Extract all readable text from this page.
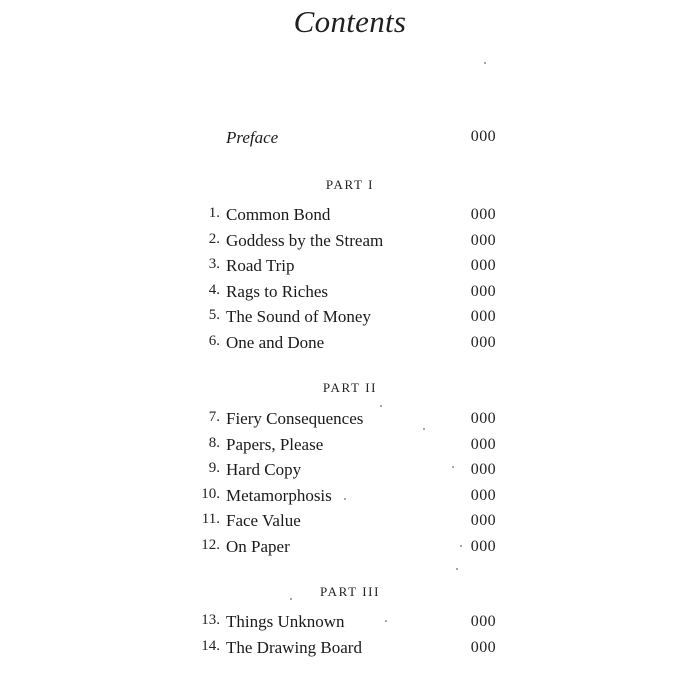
Contents
Preface	000
PART I
1. Common Bond	000
2. Goddess by the Stream	000
3. Road Trip	000
4. Rags to Riches	000
5. The Sound of Money	000
6. One and Done	000
PART II
7. Fiery Consequences	000
8. Papers, Please	000
9. Hard Copy	000
10. Metamorphosis	000
11. Face Value	000
12. On Paper	000
PART III
13. Things Unknown	000
14. The Drawing Board	000
